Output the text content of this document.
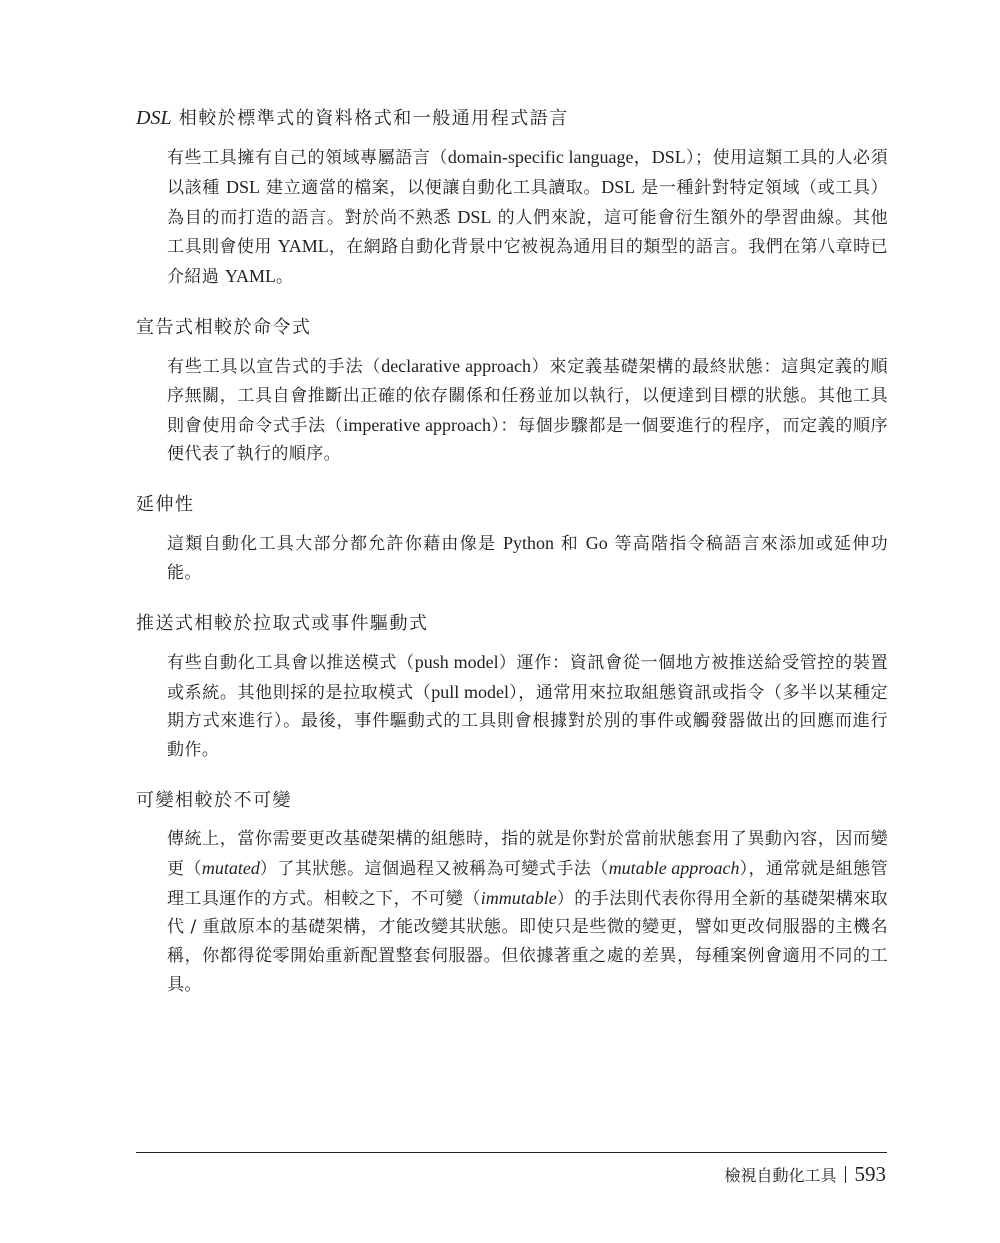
DSL 相較於標準式的資料格式和一般通用程式語言

有些工具擁有自己的領域專屬語言（domain-specific language，DSL）；使用這類工具的人必須以該種 DSL 建立適當的檔案，以便讓自動化工具讀取。DSL 是一種針對特定領域（或工具）為目的而打造的語言。對於尚不熟悉 DSL 的人們來說，這可能會衍生額外的學習曲線。其他工具則會使用 YAML，在網路自動化背景中它被視為通用目的類型的語言。我們在第八章時已介紹過 YAML。

宣告式相較於命令式

有些工具以宣告式的手法（declarative approach）來定義基礎架構的最終狀態：這與定義的順序無關，工具自會推斷出正確的依存關係和任務並加以執行，以便達到目標的狀態。其他工具則會使用命令式手法（imperative approach）：每個步驟都是一個要進行的程序，而定義的順序便代表了執行的順序。

延伸性

這類自動化工具大部分都允許你藉由像是 Python 和 Go 等高階指令稿語言來添加或延伸功能。

推送式相較於拉取式或事件驅動式

有些自動化工具會以推送模式（push model）運作：資訊會從一個地方被推送給受管控的裝置或系統。其他則採的是拉取模式（pull model），通常用來拉取組態資訊或指令（多半以某種定期方式來進行）。最後，事件驅動式的工具則會根據對於別的事件或觸發器做出的回應而進行動作。

可變相較於不可變

傳統上，當你需要更改基礎架構的組態時，指的就是你對於當前狀態套用了異動內容，因而變更（mutated）了其狀態。這個過程又被稱為可變式手法（mutable approach），通常就是組態管理工具運作的方式。相較之下，不可變（immutable）的手法則代表你得用全新的基礎架構來取代 / 重啟原本的基礎架構，才能改變其狀態。即使只是些微的變更，譬如更改伺服器的主機名稱，你都得從零開始重新配置整套伺服器。但依據著重之處的差異，每種案例會適用不同的工具。

檢視自動化工具 593
